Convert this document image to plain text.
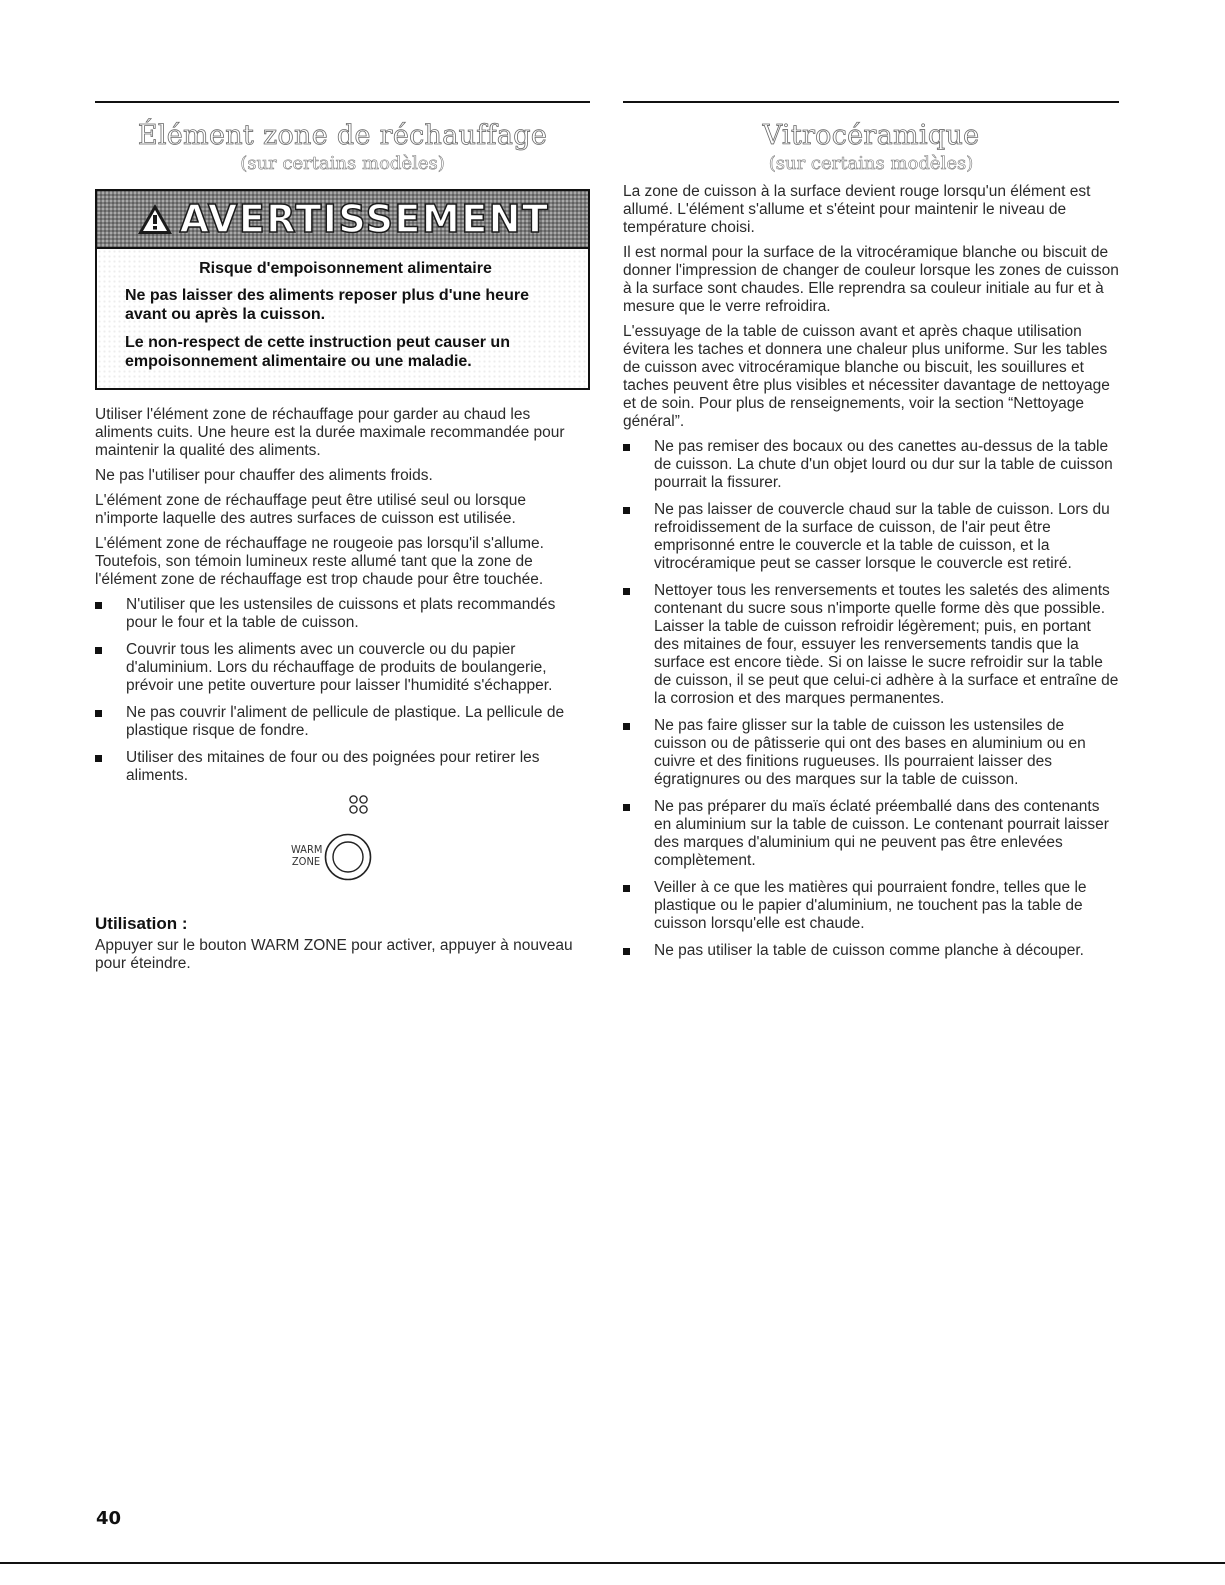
Élément zone de réchauffage
(sur certains modèles)
AVERTISSEMENT

Risque d'empoisonnement alimentaire

Ne pas laisser des aliments reposer plus d'une heure avant ou après la cuisson.

Le non-respect de cette instruction peut causer un empoisonnement alimentaire ou une maladie.

Utiliser l'élément zone de réchauffage pour garder au chaud les aliments cuits. Une heure est la durée maximale recommandée pour maintenir la qualité des aliments.

Ne pas l'utiliser pour chauffer des aliments froids.

L'élément zone de réchauffage peut être utilisé seul ou lorsque n'importe laquelle des autres surfaces de cuisson est utilisée.

L'élément zone de réchauffage ne rougeoie pas lorsqu'il s'allume. Toutefois, son témoin lumineux reste allumé tant que la zone de l'élément zone de réchauffage est trop chaude pour être touchée.

N'utiliser que les ustensiles de cuissons et plats recommandés pour le four et la table de cuisson.
Couvrir tous les aliments avec un couvercle ou du papier d'aluminium. Lors du réchauffage de produits de boulangerie, prévoir une petite ouverture pour laisser l'humidité s'échapper.
Ne pas couvrir l'aliment de pellicule de plastique. La pellicule de plastique risque de fondre.
Utiliser des mitaines de four ou des poignées pour retirer les aliments.
WARM
ZONE
Utilisation :

Appuyer sur le bouton WARM ZONE pour activer, appuyer à nouveau pour éteindre.

Vitrocéramique
(sur certains modèles)

La zone de cuisson à la surface devient rouge lorsqu'un élément est allumé. L'élément s'allume et s'éteint pour maintenir le niveau de température choisi.

Il est normal pour la surface de la vitrocéramique blanche ou biscuit de donner l'impression de changer de couleur lorsque les zones de cuisson à la surface sont chaudes. Elle reprendra sa couleur initiale au fur et à mesure que le verre refroidira.

L'essuyage de la table de cuisson avant et après chaque utilisation évitera les taches et donnera une chaleur plus uniforme. Sur les tables de cuisson avec vitrocéramique blanche ou biscuit, les souillures et taches peuvent être plus visibles et nécessiter davantage de nettoyage et de soin. Pour plus de renseignements, voir la section “Nettoyage général”.

Ne pas remiser des bocaux ou des canettes au-dessus de la table de cuisson. La chute d'un objet lourd ou dur sur la table de cuisson pourrait la fissurer.
Ne pas laisser de couvercle chaud sur la table de cuisson. Lors du refroidissement de la surface de cuisson, de l'air peut être emprisonné entre le couvercle et la table de cuisson, et la vitrocéramique peut se casser lorsque le couvercle est retiré.
Nettoyer tous les renversements et toutes les saletés des aliments contenant du sucre sous n'importe quelle forme dès que possible. Laisser la table de cuisson refroidir légèrement; puis, en portant des mitaines de four, essuyer les renversements tandis que la surface est encore tiède. Si on laisse le sucre refroidir sur la table de cuisson, il se peut que celui-ci adhère à la surface et entraîne de la corrosion et des marques permanentes.
Ne pas faire glisser sur la table de cuisson les ustensiles de cuisson ou de pâtisserie qui ont des bases en aluminium ou en cuivre et des finitions rugueuses. Ils pourraient laisser des égratignures ou des marques sur la table de cuisson.
Ne pas préparer du maïs éclaté préemballé dans des contenants en aluminium sur la table de cuisson. Le contenant pourrait laisser des marques d'aluminium qui ne peuvent pas être enlevées complètement.
Veiller à ce que les matières qui pourraient fondre, telles que le plastique ou le papier d'aluminium, ne touchent pas la table de cuisson lorsqu'elle est chaude.
Ne pas utiliser la table de cuisson comme planche à découper.
40
